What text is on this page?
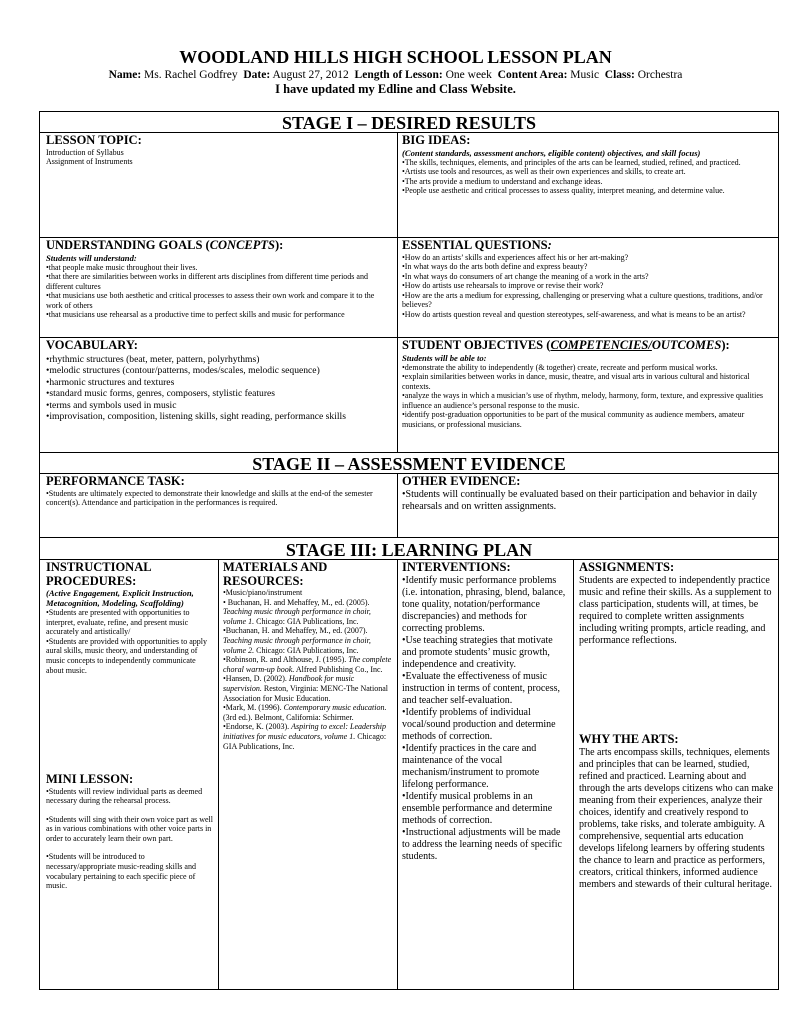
WOODLAND HILLS HIGH SCHOOL LESSON PLAN
Name: Ms. Rachel Godfrey Date: August 27, 2012 Length of Lesson: One week Content Area: Music Class: Orchestra
I have updated my Edline and Class Website.
STAGE I – DESIRED RESULTS
LESSON TOPIC:

Introduction of Syllabus

Assignment of Instruments

BIG IDEAS:

(Content standards, assessment anchors, eligible content) objectives, and skill focus)

•The skills, techniques, elements, and principles of the arts can be learned, studied, refined, and practiced.

•Artists use tools and resources, as well as their own experiences and skills, to create art.

•The arts provide a medium to understand and exchange ideas.

•People use aesthetic and critical processes to assess quality, interpret meaning, and determine value.

UNDERSTANDING GOALS (CONCEPTS):

Students will understand:

•that people make music throughout their lives.

•that there are similarities between works in different arts disciplines from different time periods and different cultures

•that musicians use both aesthetic and critical processes to assess their own work and compare it to the work of others

•that musicians use rehearsal as a productive time to perfect skills and music for performance

ESSENTIAL QUESTIONS:

•How do an artists’ skills and experiences affect his or her art-making?

•In what ways do the arts both define and express beauty?

•In what ways do consumers of art change the meaning of a work in the arts?

•How do artists use rehearsals to improve or revise their work?

•How are the arts a medium for expressing, challenging or preserving what a culture questions, traditions, and/or believes?

•How do artists question reveal and question stereotypes, self-awareness, and what is means to be an artist?

VOCABULARY:

•rhythmic structures (beat, meter, pattern, polyrhythms)

•melodic structures (contour/patterns, modes/scales, melodic sequence)

•harmonic structures and textures

•standard music forms, genres, composers, stylistic features

•terms and symbols used in music

•improvisation, composition, listening skills, sight reading, performance skills

STUDENT OBJECTIVES (COMPETENCIES/OUTCOMES):

Students will be able to:

•demonstrate the ability to independently (& together) create, recreate and perform musical works.

•explain similarities between works in dance, music, theatre, and visual arts in various cultural and historical contexts.

•analyze the ways in which a musician’s use of rhythm, melody, harmony, form, texture, and expressive qualities influence an audience’s personal response to the music.

•identify post-graduation opportunities to be part of the musical community as audience members, amateur musicians, or professional musicians.

STAGE II – ASSESSMENT EVIDENCE
PERFORMANCE TASK:

•Students are ultimately expected to demonstrate their knowledge and skills at the end-of the semester concert(s). Attendance and participation in the performances is required.

OTHER EVIDENCE:

•Students will continually be evaluated based on their participation and behavior in daily rehearsals and on written assignments.

STAGE III: LEARNING PLAN
INSTRUCTIONAL PROCEDURES:

(Active Engagement, Explicit Instruction, Metacognition, Modeling, Scaffolding)

•Students are presented with opportunities to interpret, evaluate, refine, and present music accurately and artistically/

•Students are provided with opportunities to apply aural skills, music theory, and understanding of music concepts to independently communicate about music.

MINI LESSON:

•Students will review individual parts as deemed necessary during the rehearsal process.

•Students will sing with their own voice part as well as in various combinations with other voice parts in order to accurately learn their own part.

•Students will be introduced to necessary/appropriate music-reading skills and vocabulary pertaining to each specific piece of music.

MATERIALS AND RESOURCES:

•Music/piano/instrument

• Buchanan, H. and Mehaffey, M., ed. (2005). Teaching music through performance in choir, volume 1. Chicago: GIA Publications, Inc.

•Buchanan, H. and Mehaffey, M., ed. (2007). Teaching music through performance in choir, volume 2. Chicago: GIA Publications, Inc.

•Robinson, R. and Althouse, J. (1995). The complete choral warm-up book. Alfred Publishing Co., Inc.

•Hansen, D. (2002). Handbook for music supervision. Reston, Virginia: MENC-The National Association for Music Education.

•Mark, M. (1996). Contemporary music education. (3rd ed.). Belmont, California: Schirmer.

•Endorse, K. (2003). Aspiring to excel: Leadership initiatives for music educators, volume 1. Chicago: GIA Publications, Inc.

INTERVENTIONS:

•Identify music performance problems (i.e. intonation, phrasing, blend, balance, tone quality, notation/performance discrepancies) and methods for correcting problems.

•Use teaching strategies that motivate and promote students’ music growth, independence and creativity.

•Evaluate the effectiveness of music instruction in terms of content, process, and teacher self-evaluation.

•Identify problems of individual vocal/sound production and determine methods of correction.

•Identify practices in the care and maintenance of the vocal mechanism/instrument to promote lifelong performance.

•Identify musical problems in an ensemble performance and determine methods of correction.

•Instructional adjustments will be made to address the learning needs of specific students.

ASSIGNMENTS:

Students are expected to independently practice music and refine their skills. As a supplement to class participation, students will, at times, be required to complete written assignments including writing prompts, article reading, and performance reflections.

WHY THE ARTS:

The arts encompass skills, techniques, elements and principles that can be learned, studied, refined and practiced. Learning about and through the arts develops citizens who can make meaning from their experiences, analyze their choices, identify and creatively respond to problems, take risks, and tolerate ambiguity. A comprehensive, sequential arts education develops lifelong learners by offering students the chance to learn and practice as performers, creators, critical thinkers, informed audience members and stewards of their cultural heritage.
